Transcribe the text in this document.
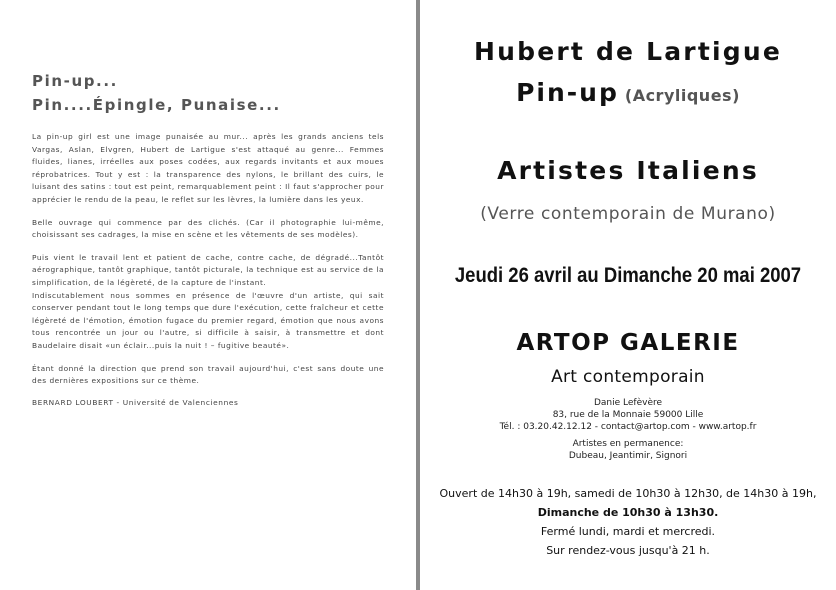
Pin-up...

Pin....Épingle, Punaise...

La pin-up girl est une image punaisée au mur... après les grands anciens tels Vargas, Aslan, Elvgren, Hubert de Lartigue s'est attaqué au genre... Femmes fluides, lianes, irréelles aux poses codées, aux regards invitants et aux moues réprobatrices. Tout y est : la transparence des nylons, le brillant des cuirs, le luisant des satins : tout est peint, remarquablement peint : Il faut s'approcher pour apprécier le rendu de la peau, le reflet sur les lèvres, la lumière dans les yeux.

Belle ouvrage qui commence par des clichés. (Car il photographie lui-même, choisissant ses cadrages, la mise en scène et les vêtements de ses modèles).

Puis vient le travail lent et patient de cache, contre cache, de dégradé...Tantôt aérographique, tantôt graphique, tantôt picturale, la technique est au service de la simplification, de la légèreté, de la capture de l'instant.

Indiscutablement nous sommes en présence de l'œuvre d'un artiste, qui sait conserver pendant tout le long temps que dure l'exécution, cette fraîcheur et cette légèreté de l'émotion, émotion fugace du premier regard, émotion que nous avons tous rencontrée un jour ou l'autre, si difficile à saisir, à transmettre et dont Baudelaire disait «un éclair...puis la nuit ! – fugitive beauté».

Étant donné la direction que prend son travail aujourd'hui, c'est sans doute une des dernières expositions sur ce thème.

BERNARD LOUBERT - Université de Valenciennes
Hubert de Lartigue
Pin-up (Acryliques)
Artistes Italiens
(Verre contemporain de Murano)
Jeudi 26 avril au Dimanche 20 mai 2007
ARTOP GALERIE
Art contemporain
Danie Lefèvère
83, rue de la Monnaie 59000 Lille
Tél. : 03.20.42.12.12 - contact@artop.com - www.artop.fr
Artistes en permanence:
Dubeau, Jeantimir, Signori
Ouvert de 14h30 à 19h, samedi de 10h30 à 12h30, de 14h30 à 19h,
Dimanche de 10h30 à 13h30.
Fermé lundi, mardi et mercredi.
Sur rendez-vous jusqu'à 21 h.
